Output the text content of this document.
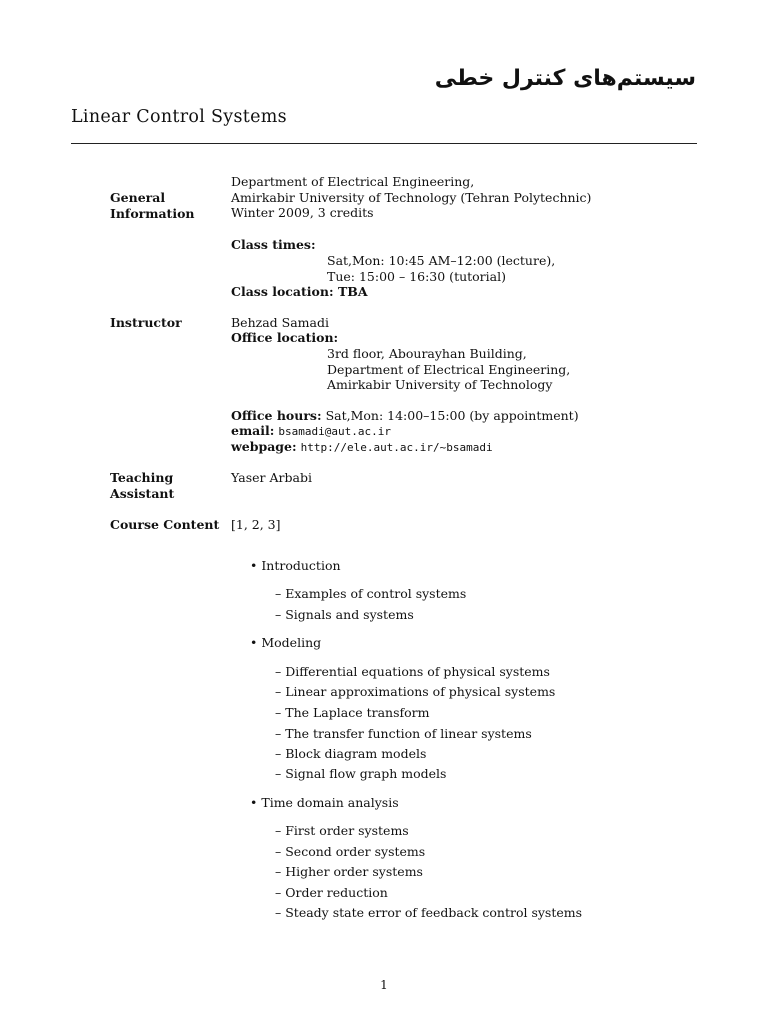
سیستم‌های کنترل خطی
Linear Control Systems
General
Information
Department of Electrical Engineering,
Amirkabir University of Technology (Tehran Polytechnic)
Winter 2009, 3 credits
Class times:
Sat,Mon: 10:45 AM–12:00 (lecture),
Tue: 15:00 – 16:30 (tutorial)
Class location: TBA
Instructor	Behzad Samadi
Office location:
3rd floor, Abourayhan Building,
Department of Electrical Engineering,
Amirkabir University of Technology
Office hours: Sat,Mon: 14:00–15:00 (by appointment)
email: bsamadi@aut.ac.ir
webpage: http://ele.aut.ac.ir/~bsamadi
Teaching
Assistant
Yaser Arbabi
Course Content [1, 2, 3]
• Introduction
– Examples of control systems
– Signals and systems
• Modeling
– Differential equations of physical systems
– Linear approximations of physical systems
– The Laplace transform
– The transfer function of linear systems
– Block diagram models
– Signal flow graph models
• Time domain analysis
– First order systems
– Second order systems
– Higher order systems
– Order reduction
– Steady state error of feedback control systems
1
